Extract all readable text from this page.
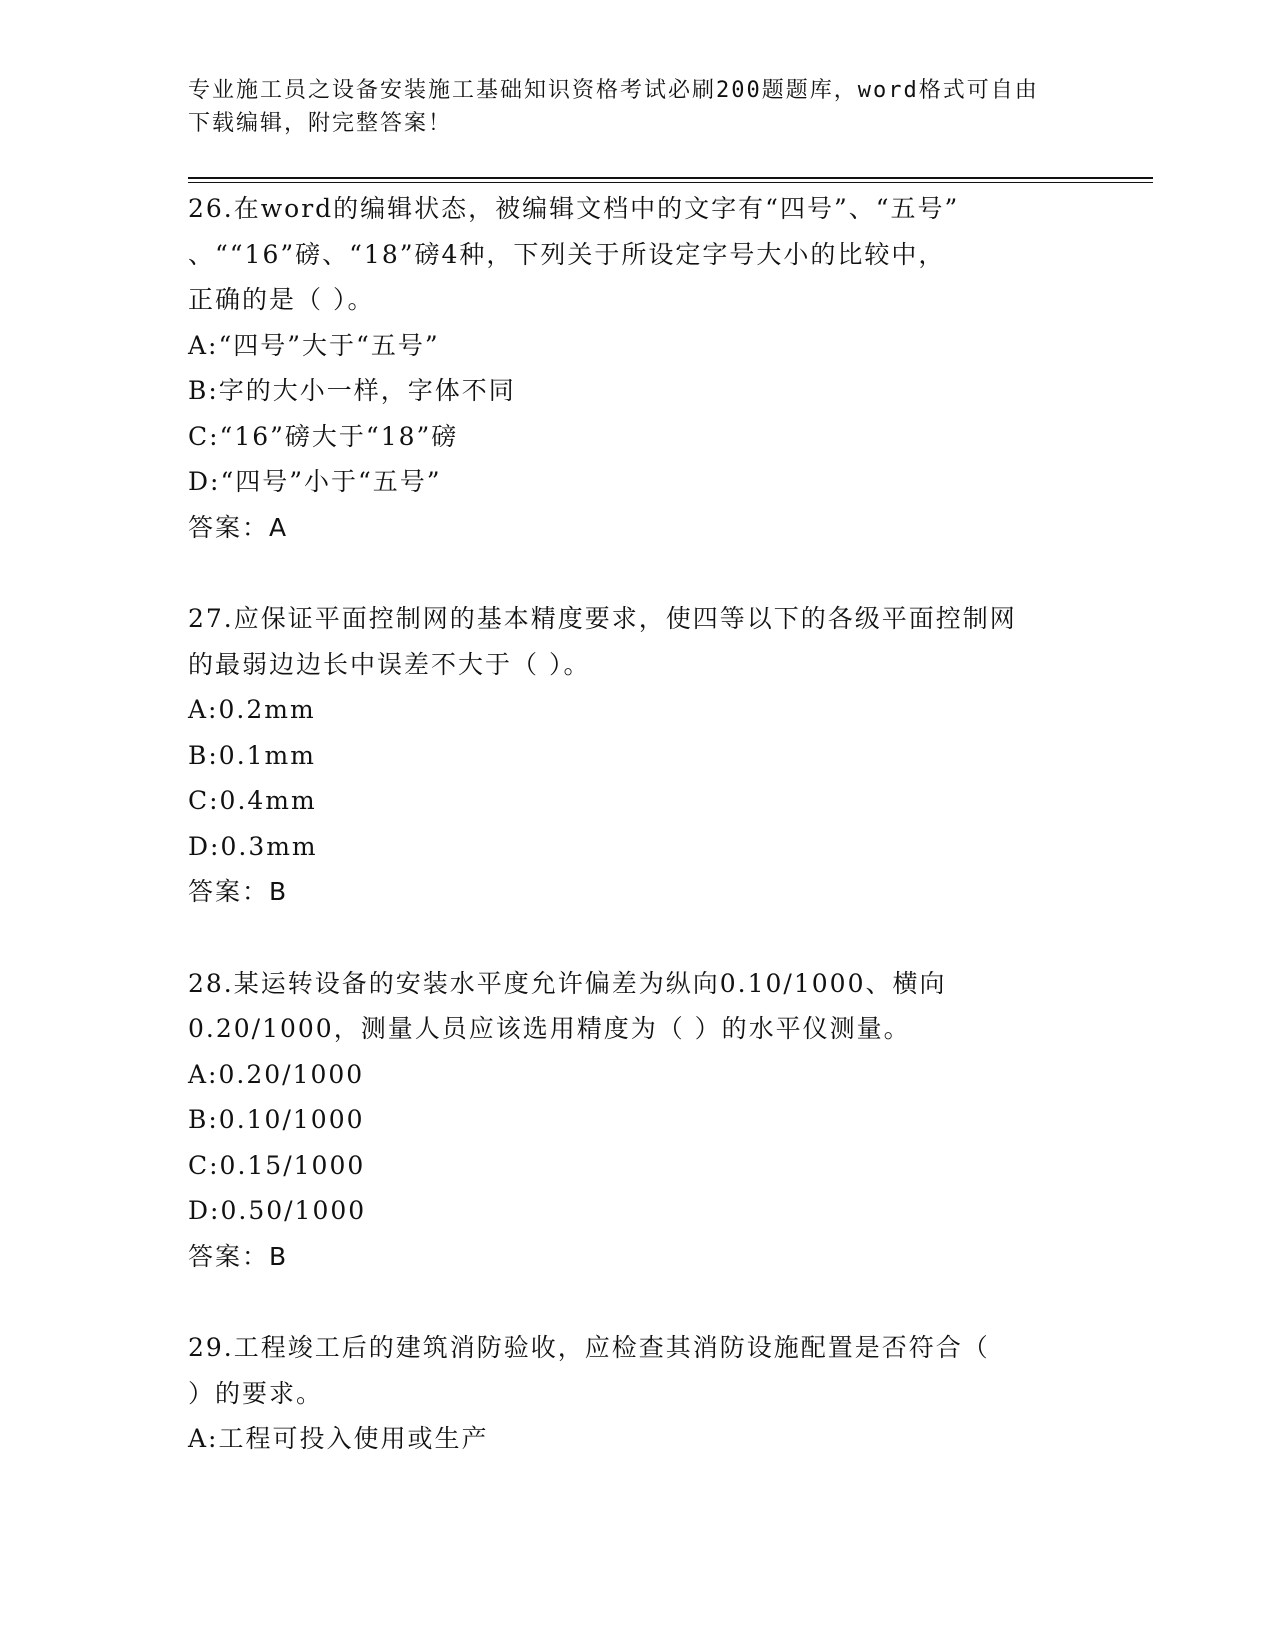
专业施工员之设备安装施工基础知识资格考试必刷200题题库，word格式可自由
下载编辑，附完整答案！
26.在word的编辑状态，被编辑文档中的文字有“四号”、“五号”
、““16”磅、“18”磅4种，下列关于所设定字号大小的比较中，
正确的是（ ）。
A:“四号”大于“五号”
B:字的大小一样，字体不同
C:“16”磅大于“18”磅
D:“四号”小于“五号”
答案：A
27.应保证平面控制网的基本精度要求，使四等以下的各级平面控制网
的最弱边边长中误差不大于（ ）。
A:0.2mm
B:0.1mm
C:0.4mm
D:0.3mm
答案：B
28.某运转设备的安装水平度允许偏差为纵向0.10/1000、横向
0.20/1000，测量人员应该选用精度为（ ）的水平仪测量。
A:0.20/1000
B:0.10/1000
C:0.15/1000
D:0.50/1000
答案：B
29.工程竣工后的建筑消防验收，应检查其消防设施配置是否符合（
）的要求。
A:工程可投入使用或生产
